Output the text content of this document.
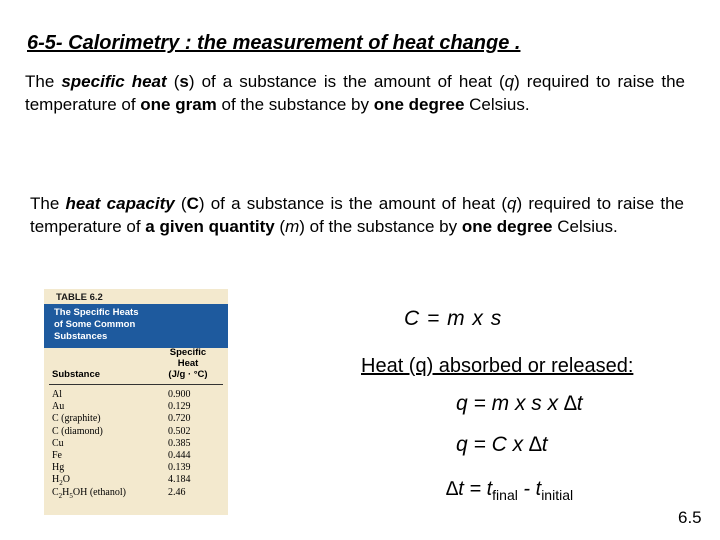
6-5- Calorimetry : the measurement of heat change .
The specific heat (s) of a substance is the amount of heat (q) required to raise the temperature of one gram of the substance by one degree Celsius.
The heat capacity (C) of a substance is the amount of heat (q) required to raise the temperature of a given quantity (m) of the substance by one degree Celsius.
TABLE 6.2
The Specific Heats
of Some Common
Substances
Specific
Heat
(J/g · °C)
Substance
Al	0.900
Au	0.129
C (graphite)	0.720
C (diamond)	0.502
Cu	0.385
Fe	0.444
Hg	0.139
$H_2O$	4.184
$C_2H_5OH$ (ethanol)	2.46
C = m x s
Heat (q) absorbed or released:
q = m x s x ∆t
q = C x ∆t
$\Delta t = t_{final} - t_{initial}$
6.5
